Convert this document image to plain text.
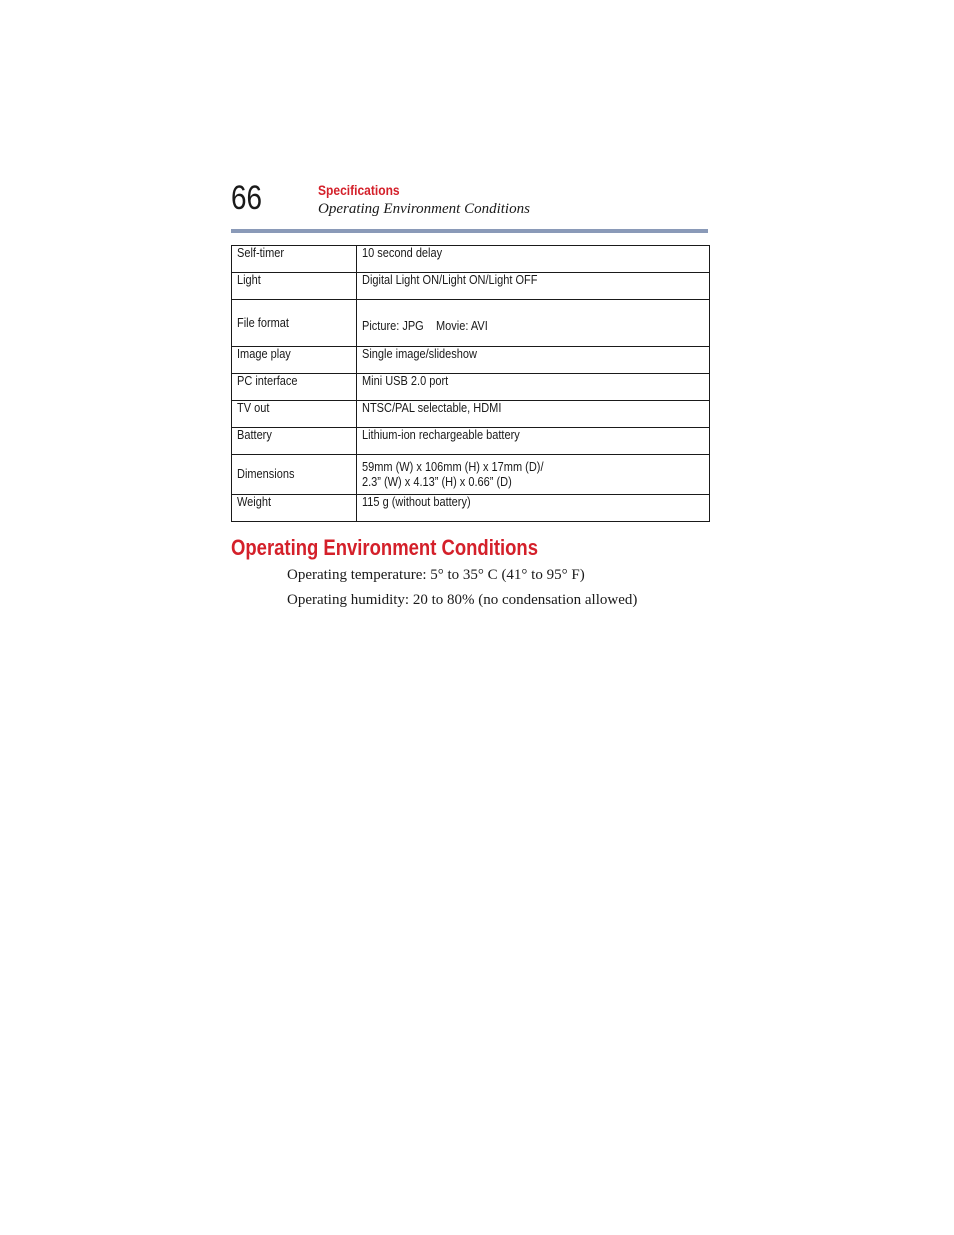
66	Specifications
Operating Environment Conditions
Self-timer	10 second delay
Light	Digital Light ON/Light ON/Light OFF
File format	Picture: JPG Movie: AVI
Image play	Single image/slideshow
PC interface	Mini USB 2.0 port
TV out	NTSC/PAL selectable, HDMI
Battery	Lithium-ion rechargeable battery
Dimensions	59mm (W) x 106mm (H) x 17mm (D)/ 2.3” (W) x 4.13” (H) x 0.66” (D)
Weight	115 g (without battery)
Operating Environment Conditions
Operating temperature: 5° to 35° C (41° to 95° F)
Operating humidity: 20 to 80% (no condensation allowed)
